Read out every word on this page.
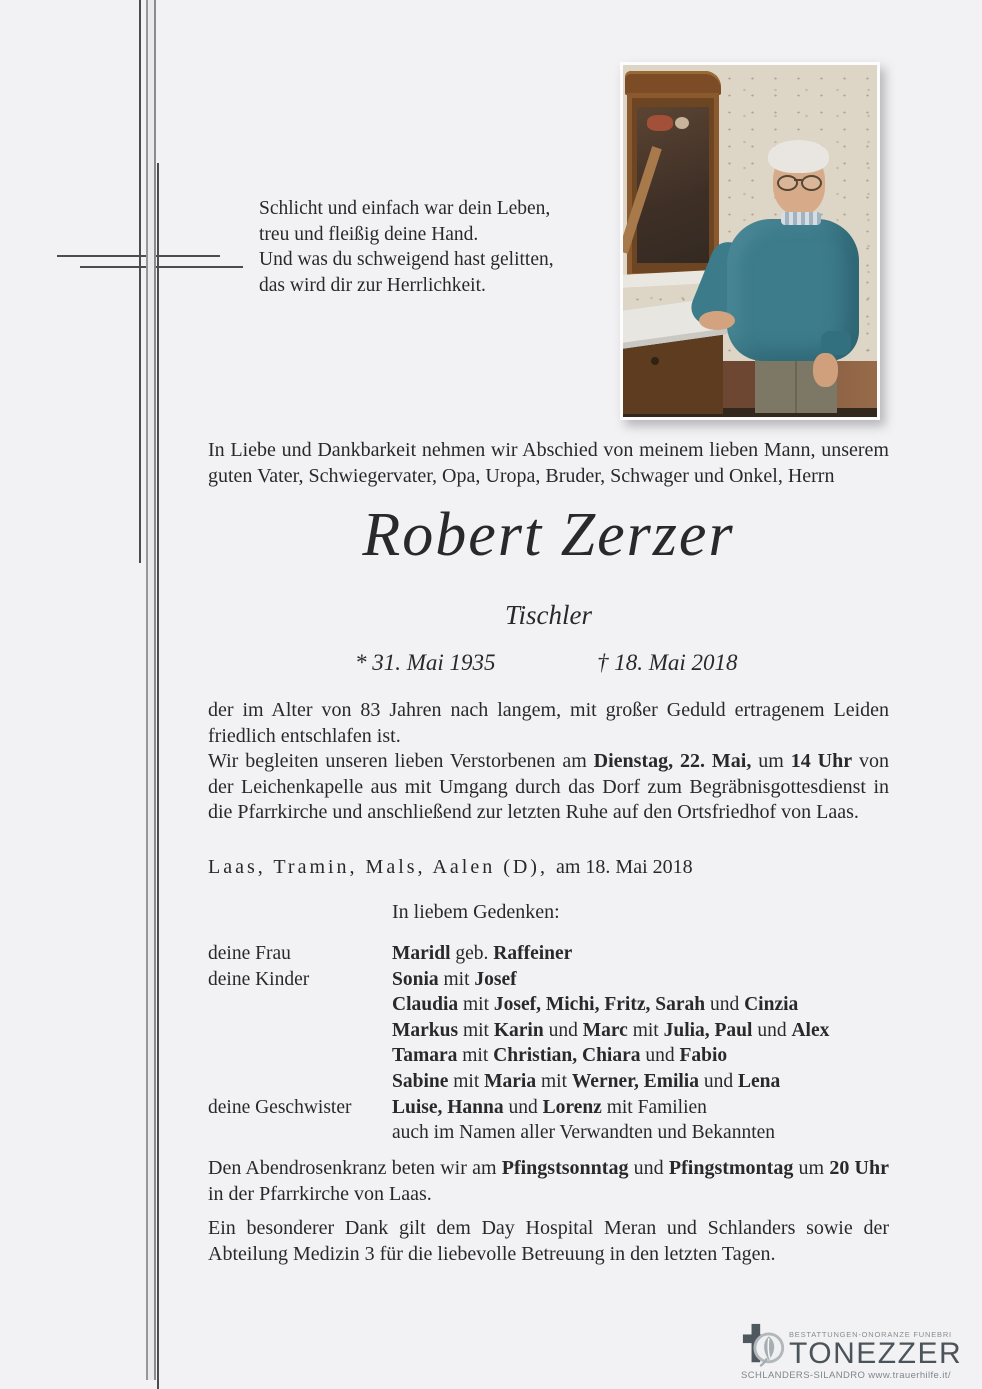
Schlicht und einfach war dein Leben,
treu und fleißig deine Hand.
Und was du schweigend hast gelitten,
das wird dir zur Herrlichkeit.

In Liebe und Dankbarkeit nehmen wir Abschied von meinem lieben Mann, unserem guten Vater, Schwiegervater, Opa, Uropa, Bruder, Schwager und Onkel, Herrn

Robert Zerzer
Tischler
* 31. Mai 1935	† 18. Mai 2018

der im Alter von 83 Jahren nach langem, mit großer Geduld ertragenem Leiden friedlich entschlafen ist.

Wir begleiten unseren lieben Verstorbenen am Dienstag, 22. Mai, um 14 Uhr von der Leichenkapelle aus mit Umgang durch das Dorf zum Begräbnisgottesdienst in die Pfarrkirche und anschließend zur letzten Ruhe auf den Ortsfriedhof von Laas.

Laas, Tramin, Mals, Aalen (D), am 18. Mai 2018

In liebem Gedenken:
deine Frau	Maridl geb. Raffeiner
deine Kinder	Sonia mit Josef
Claudia mit Josef, Michi, Fritz, Sarah und Cinzia
Markus mit Karin und Marc mit Julia, Paul und Alex
Tamara mit Christian, Chiara und Fabio
Sabine mit Maria mit Werner, Emilia und Lena
deine Geschwister	Luise, Hanna und Lorenz mit Familien
auch im Namen aller Verwandten und Bekannten

Den Abendrosenkranz beten wir am Pfingstsonntag und Pfingstmontag um 20 Uhr in der Pfarrkirche von Laas.

Ein besonderer Dank gilt dem Day Hospital Meran und Schlanders sowie der Abteilung Medizin 3 für die liebevolle Betreuung in den letzten Tagen.

BESTATTUNGEN-ONORANZE FUNEBRI
TONEZZER
SCHLANDERS-SILANDRO www.trauerhilfe.it/
